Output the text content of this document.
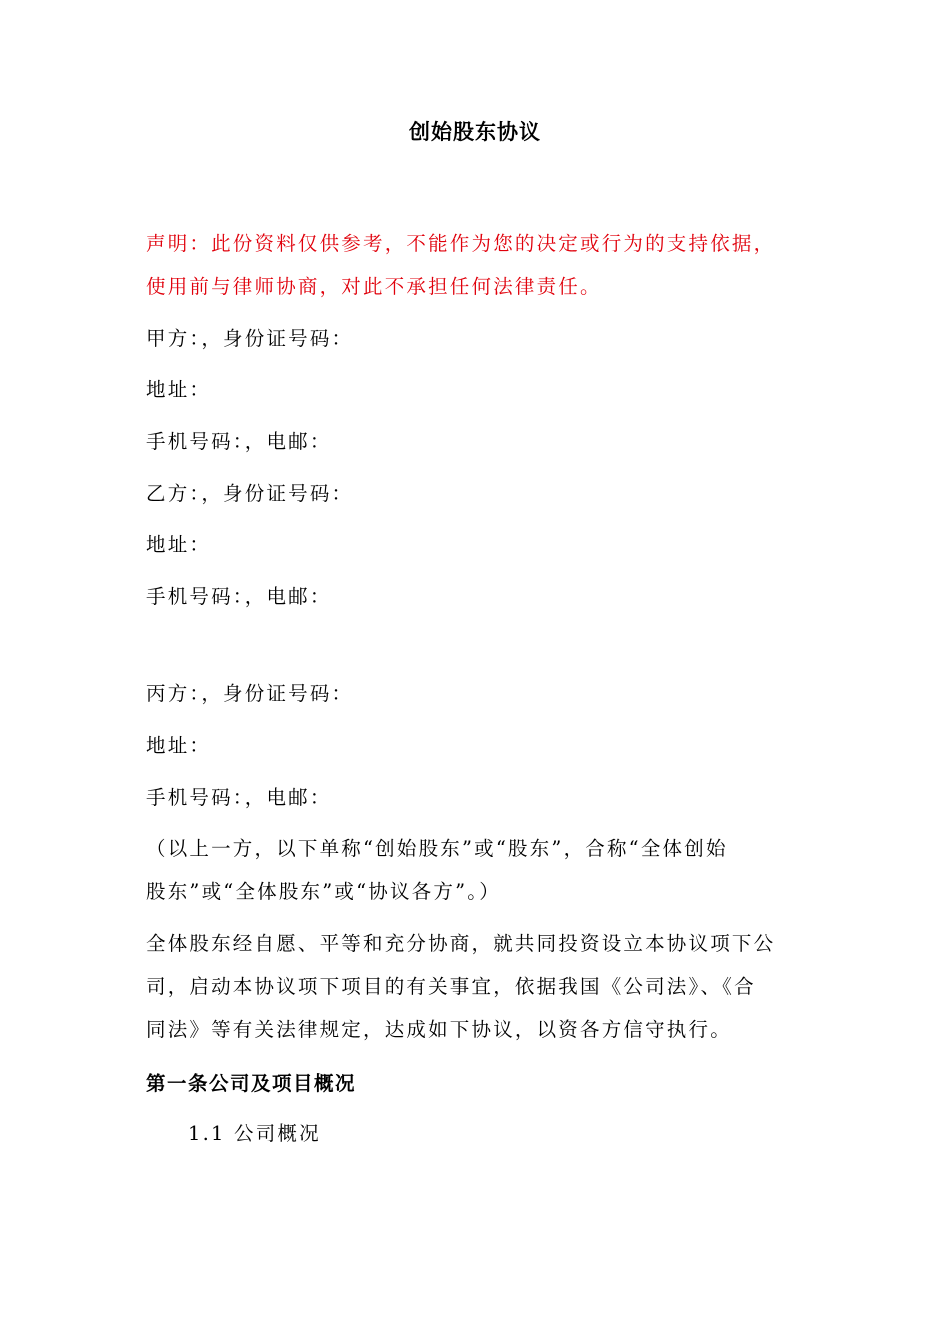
创始股东协议
声明：此份资料仅供参考，不能作为您的决定或行为的支持依据，
使用前与律师协商，对此不承担任何法律责任。
甲方：，身份证号码：
地址：
手机号码：，电邮：
乙方：，身份证号码：
地址：
手机号码：，电邮：
丙方：，身份证号码：
地址：
手机号码：，电邮：
（以上一方，以下单称“创始股东”或“股东”，合称“全体创始
股东”或“全体股东”或“协议各方”。）
全体股东经自愿、平等和充分协商，就共同投资设立本协议项下公
司，启动本协议项下项目的有关事宜，依据我国《公司法》、《合
同法》等有关法律规定，达成如下协议，以资各方信守执行。
第一条公司及项目概况
1.1 公司概况
